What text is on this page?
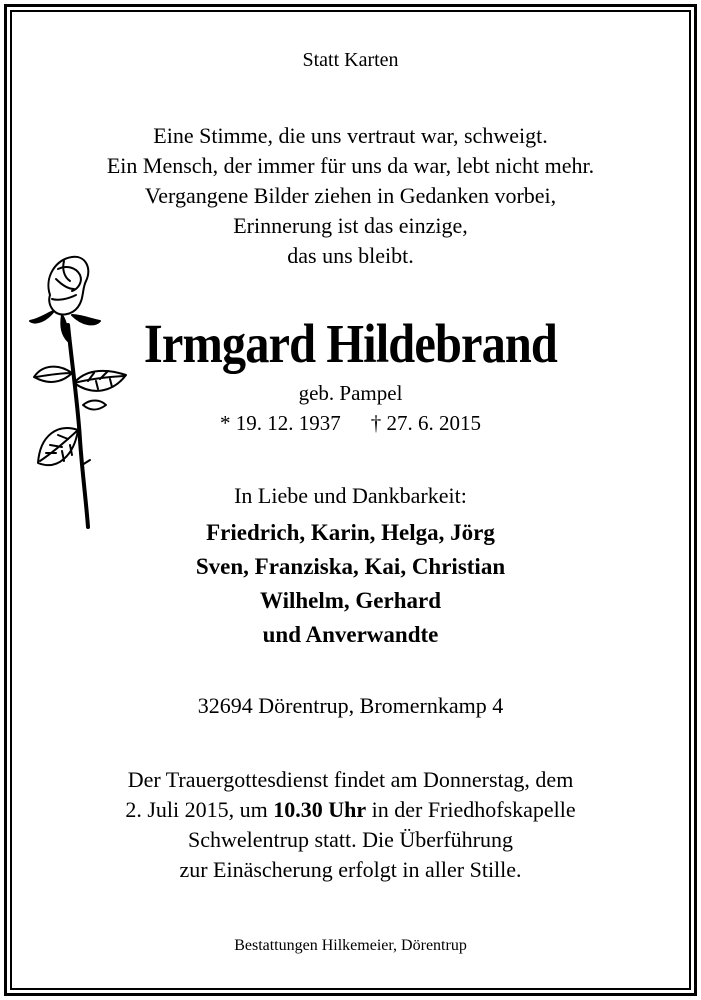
Statt Karten
Eine Stimme, die uns vertraut war, schweigt.
Ein Mensch, der immer für uns da war, lebt nicht mehr.
Vergangene Bilder ziehen in Gedanken vorbei,
Erinnerung ist das einzige,
das uns bleibt.
Irmgard Hildebrand
geb. Pampel
* 19. 12. 1937 † 27. 6. 2015
In Liebe und Dankbarkeit:
Friedrich, Karin, Helga, Jörg
Sven, Franziska, Kai, Christian
Wilhelm, Gerhard
und Anverwandte
32694 Dörentrup, Bromernkamp 4
Der Trauergottesdienst findet am Donnerstag, dem
2. Juli 2015, um 10.30 Uhr in der Friedhofskapelle
Schwelentrup statt. Die Überführung
zur Einäscherung erfolgt in aller Stille.
Bestattungen Hilkemeier, Dörentrup
